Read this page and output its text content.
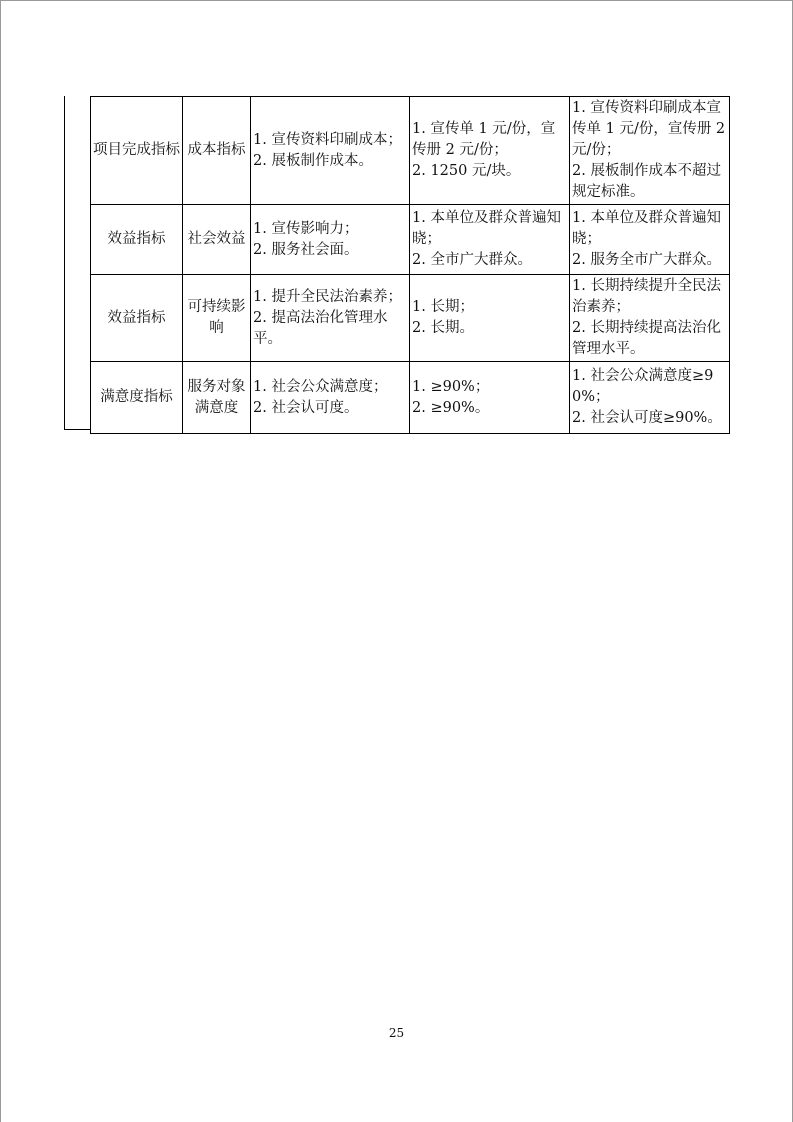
项目完成指标	成本指标	1. 宣传资料印刷成本；
2. 展板制作成本。	1. 宣传单 1 元/份，宣传册 2 元/份；
2. 1250 元/块。	1. 宣传资料印刷成本宣传单 1 元/份，宣传册 2 元/份；
2. 展板制作成本不超过规定标准。

效益指标	社会效益	1. 宣传影响力；
2. 服务社会面。	1. 本单位及群众普遍知晓；
2. 全市广大群众。	1. 本单位及群众普遍知晓；
2. 服务全市广大群众。

效益指标	可持续影响	1. 提升全民法治素养；
2. 提高法治化管理水平。	1. 长期；
2. 长期。	1. 长期持续提升全民法治素养；
2. 长期持续提高法治化管理水平。

满意度指标	服务对象满意度	1. 社会公众满意度；
2. 社会认可度。	1. ≥90%；
2. ≥90%。	1. 社会公众满意度≥90%；
2. 社会认可度≥90%。
25
